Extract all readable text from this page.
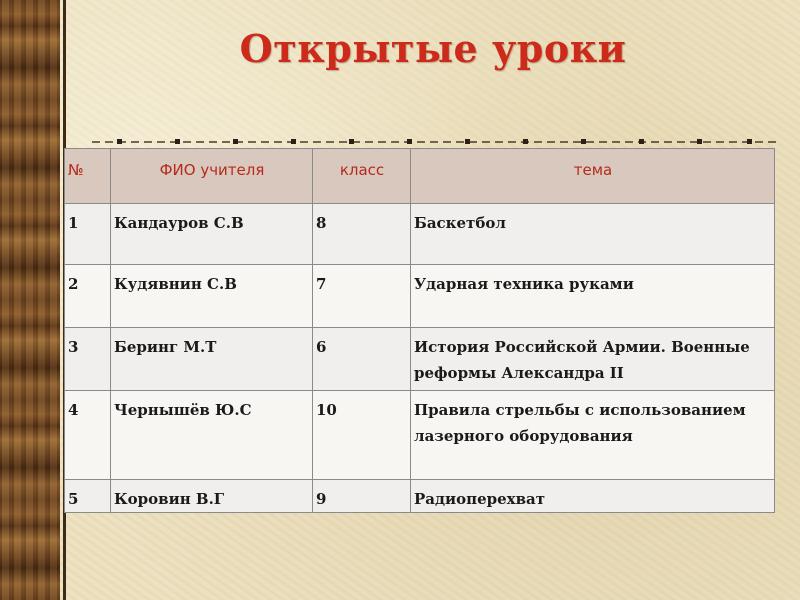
Открытые уроки
№	ФИО учителя	класс	тема
1	Кандауров С.В	8	Баскетбол
2	Кудявнин С.В	7	Ударная техника руками
3	Беринг М.Т	6	История Российской Армии. Военные реформы Александра II
4	Чернышёв Ю.С	10	Правила стрельбы с использованием лазерного оборудования
5	Коровин В.Г	9	Радиоперехват
